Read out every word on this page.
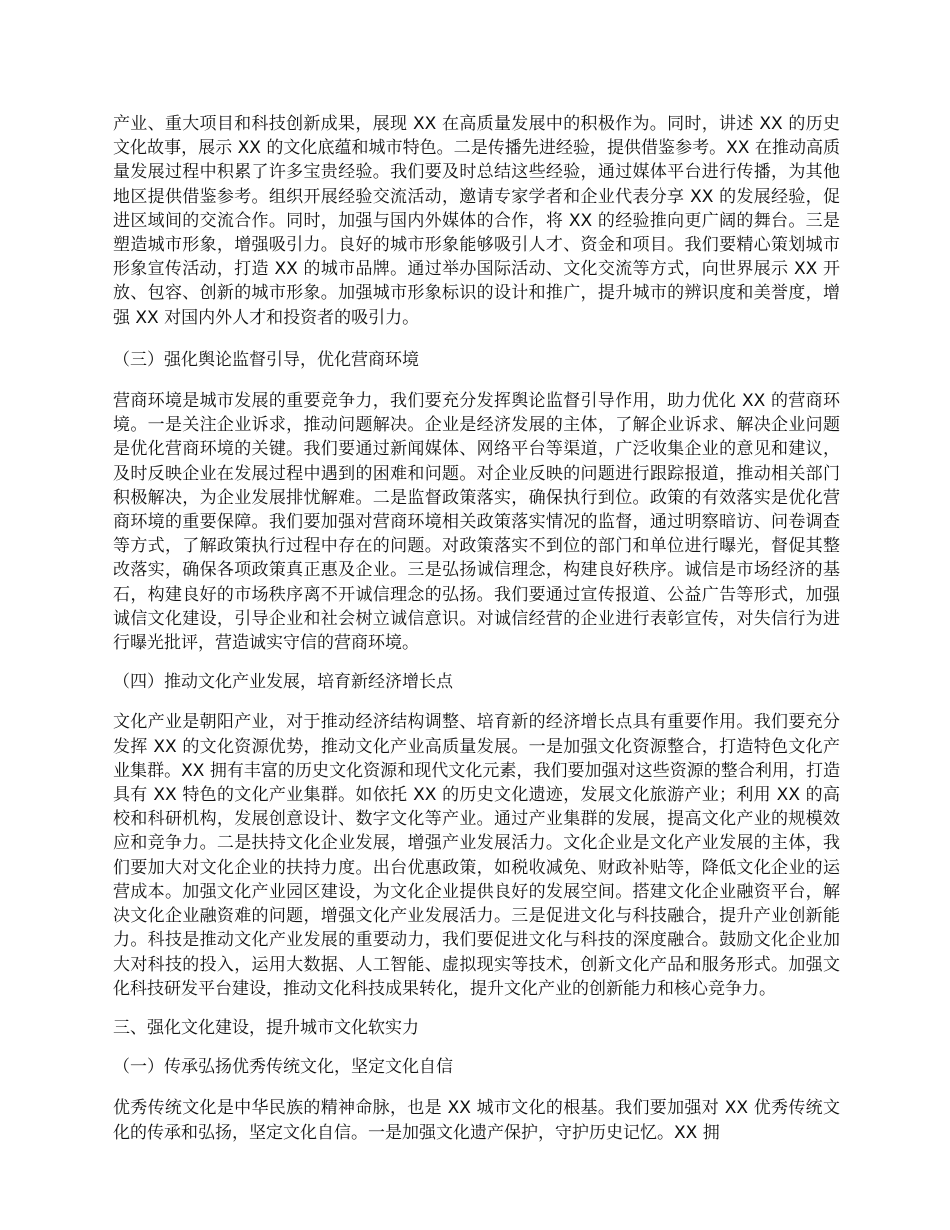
产业、重大项目和科技创新成果，展现 XX 在高质量发展中的积极作为。同时，讲述 XX 的历史文化故事，展示 XX 的文化底蕴和城市特色。二是传播先进经验，提供借鉴参考。XX 在推动高质量发展过程中积累了许多宝贵经验。我们要及时总结这些经验，通过媒体平台进行传播，为其他地区提供借鉴参考。组织开展经验交流活动，邀请专家学者和企业代表分享 XX 的发展经验，促进区域间的交流合作。同时，加强与国内外媒体的合作，将 XX 的经验推向更广阔的舞台。三是塑造城市形象，增强吸引力。良好的城市形象能够吸引人才、资金和项目。我们要精心策划城市形象宣传活动，打造 XX 的城市品牌。通过举办国际活动、文化交流等方式，向世界展示 XX 开放、包容、创新的城市形象。加强城市形象标识的设计和推广，提升城市的辨识度和美誉度，增强 XX 对国内外人才和投资者的吸引力。

（三）强化舆论监督引导，优化营商环境

营商环境是城市发展的重要竞争力，我们要充分发挥舆论监督引导作用，助力优化 XX 的营商环境。一是关注企业诉求，推动问题解决。企业是经济发展的主体，了解企业诉求、解决企业问题是优化营商环境的关键。我们要通过新闻媒体、网络平台等渠道，广泛收集企业的意见和建议，及时反映企业在发展过程中遇到的困难和问题。对企业反映的问题进行跟踪报道，推动相关部门积极解决，为企业发展排忧解难。二是监督政策落实，确保执行到位。政策的有效落实是优化营商环境的重要保障。我们要加强对营商环境相关政策落实情况的监督，通过明察暗访、问卷调查等方式，了解政策执行过程中存在的问题。对政策落实不到位的部门和单位进行曝光，督促其整改落实，确保各项政策真正惠及企业。三是弘扬诚信理念，构建良好秩序。诚信是市场经济的基石，构建良好的市场秩序离不开诚信理念的弘扬。我们要通过宣传报道、公益广告等形式，加强诚信文化建设，引导企业和社会树立诚信意识。对诚信经营的企业进行表彰宣传，对失信行为进行曝光批评，营造诚实守信的营商环境。

（四）推动文化产业发展，培育新经济增长点

文化产业是朝阳产业，对于推动经济结构调整、培育新的经济增长点具有重要作用。我们要充分发挥 XX 的文化资源优势，推动文化产业高质量发展。一是加强文化资源整合，打造特色文化产业集群。XX 拥有丰富的历史文化资源和现代文化元素，我们要加强对这些资源的整合利用，打造具有 XX 特色的文化产业集群。如依托 XX 的历史文化遗迹，发展文化旅游产业；利用 XX 的高校和科研机构，发展创意设计、数字文化等产业。通过产业集群的发展，提高文化产业的规模效应和竞争力。二是扶持文化企业发展，增强产业发展活力。文化企业是文化产业发展的主体，我们要加大对文化企业的扶持力度。出台优惠政策，如税收减免、财政补贴等，降低文化企业的运营成本。加强文化产业园区建设，为文化企业提供良好的发展空间。搭建文化企业融资平台，解决文化企业融资难的问题，增强文化产业发展活力。三是促进文化与科技融合，提升产业创新能力。科技是推动文化产业发展的重要动力，我们要促进文化与科技的深度融合。鼓励文化企业加大对科技的投入，运用大数据、人工智能、虚拟现实等技术，创新文化产品和服务形式。加强文化科技研发平台建设，推动文化科技成果转化，提升文化产业的创新能力和核心竞争力。

三、强化文化建设，提升城市文化软实力

（一）传承弘扬优秀传统文化，坚定文化自信

优秀传统文化是中华民族的精神命脉，也是 XX 城市文化的根基。我们要加强对 XX 优秀传统文化的传承和弘扬，坚定文化自信。一是加强文化遗产保护，守护历史记忆。XX 拥
